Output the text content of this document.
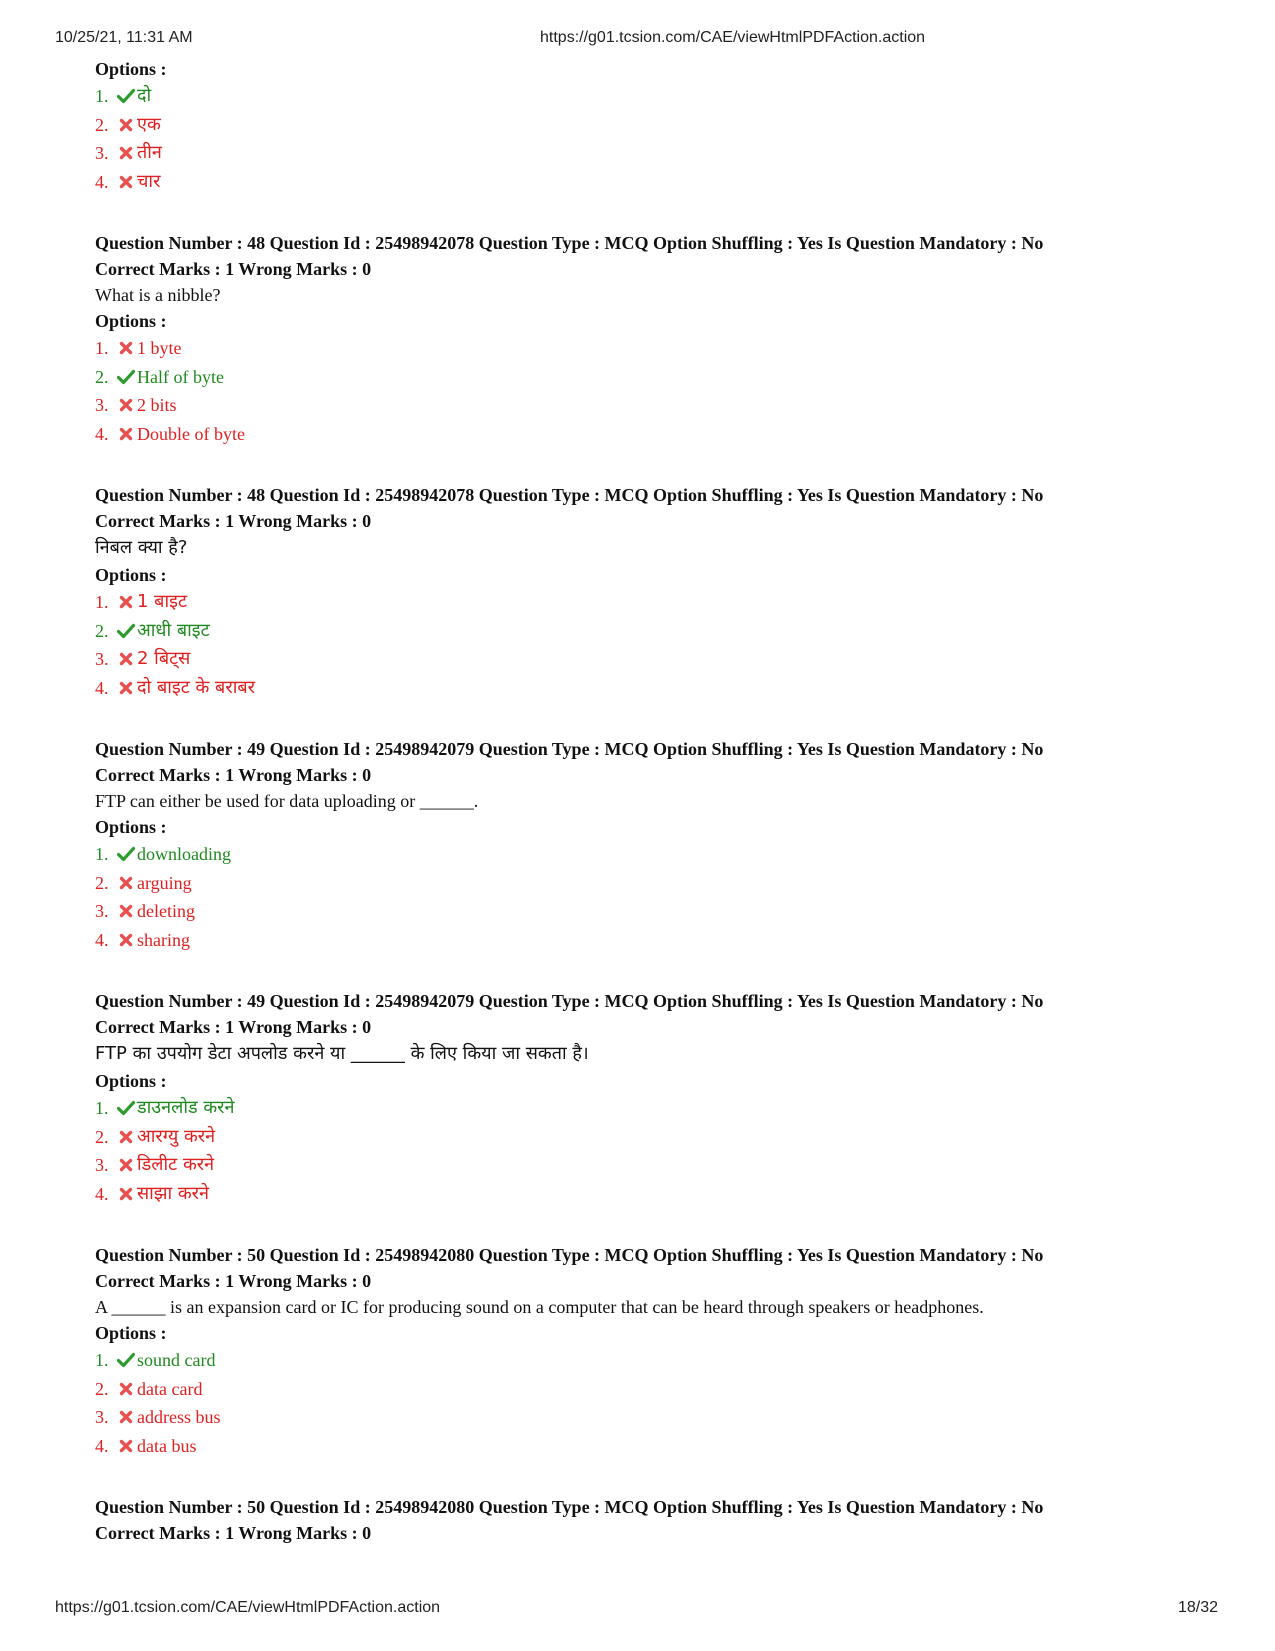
10/25/21, 11:31 AM	https://g01.tcsion.com/CAE/viewHtmlPDFAction.action
Options :
1.	दो
2.	एक
3.	तीन
4.	चार
Question Number : 48 Question Id : 25498942078 Question Type : MCQ Option Shuffling : Yes Is Question Mandatory : No
Correct Marks : 1 Wrong Marks : 0
What is a nibble?
Options :
1.	1 byte
2.	Half of byte
3.	2 bits
4.	Double of byte
Question Number : 48 Question Id : 25498942078 Question Type : MCQ Option Shuffling : Yes Is Question Mandatory : No
Correct Marks : 1 Wrong Marks : 0
निबल क्या है?
Options :
1.	1 बाइट
2.	आधी बाइट
3.	2 बिट्स
4.	दो बाइट के बराबर
Question Number : 49 Question Id : 25498942079 Question Type : MCQ Option Shuffling : Yes Is Question Mandatory : No
Correct Marks : 1 Wrong Marks : 0
FTP can either be used for data uploading or ______.
Options :
1.	downloading
2.	arguing
3.	deleting
4.	sharing
Question Number : 49 Question Id : 25498942079 Question Type : MCQ Option Shuffling : Yes Is Question Mandatory : No
Correct Marks : 1 Wrong Marks : 0
FTP का उपयोग डेटा अपलोड करने या ______ के लिए किया जा सकता है।
Options :
1.	डाउनलोड करने
2.	आरग्यु करने
3.	डिलीट करने
4.	साझा करने
Question Number : 50 Question Id : 25498942080 Question Type : MCQ Option Shuffling : Yes Is Question Mandatory : No
Correct Marks : 1 Wrong Marks : 0
A ______ is an expansion card or IC for producing sound on a computer that can be heard through speakers or headphones.
Options :
1.	sound card
2.	data card
3.	address bus
4.	data bus
Question Number : 50 Question Id : 25498942080 Question Type : MCQ Option Shuffling : Yes Is Question Mandatory : No
Correct Marks : 1 Wrong Marks : 0
https://g01.tcsion.com/CAE/viewHtmlPDFAction.action	18/32
